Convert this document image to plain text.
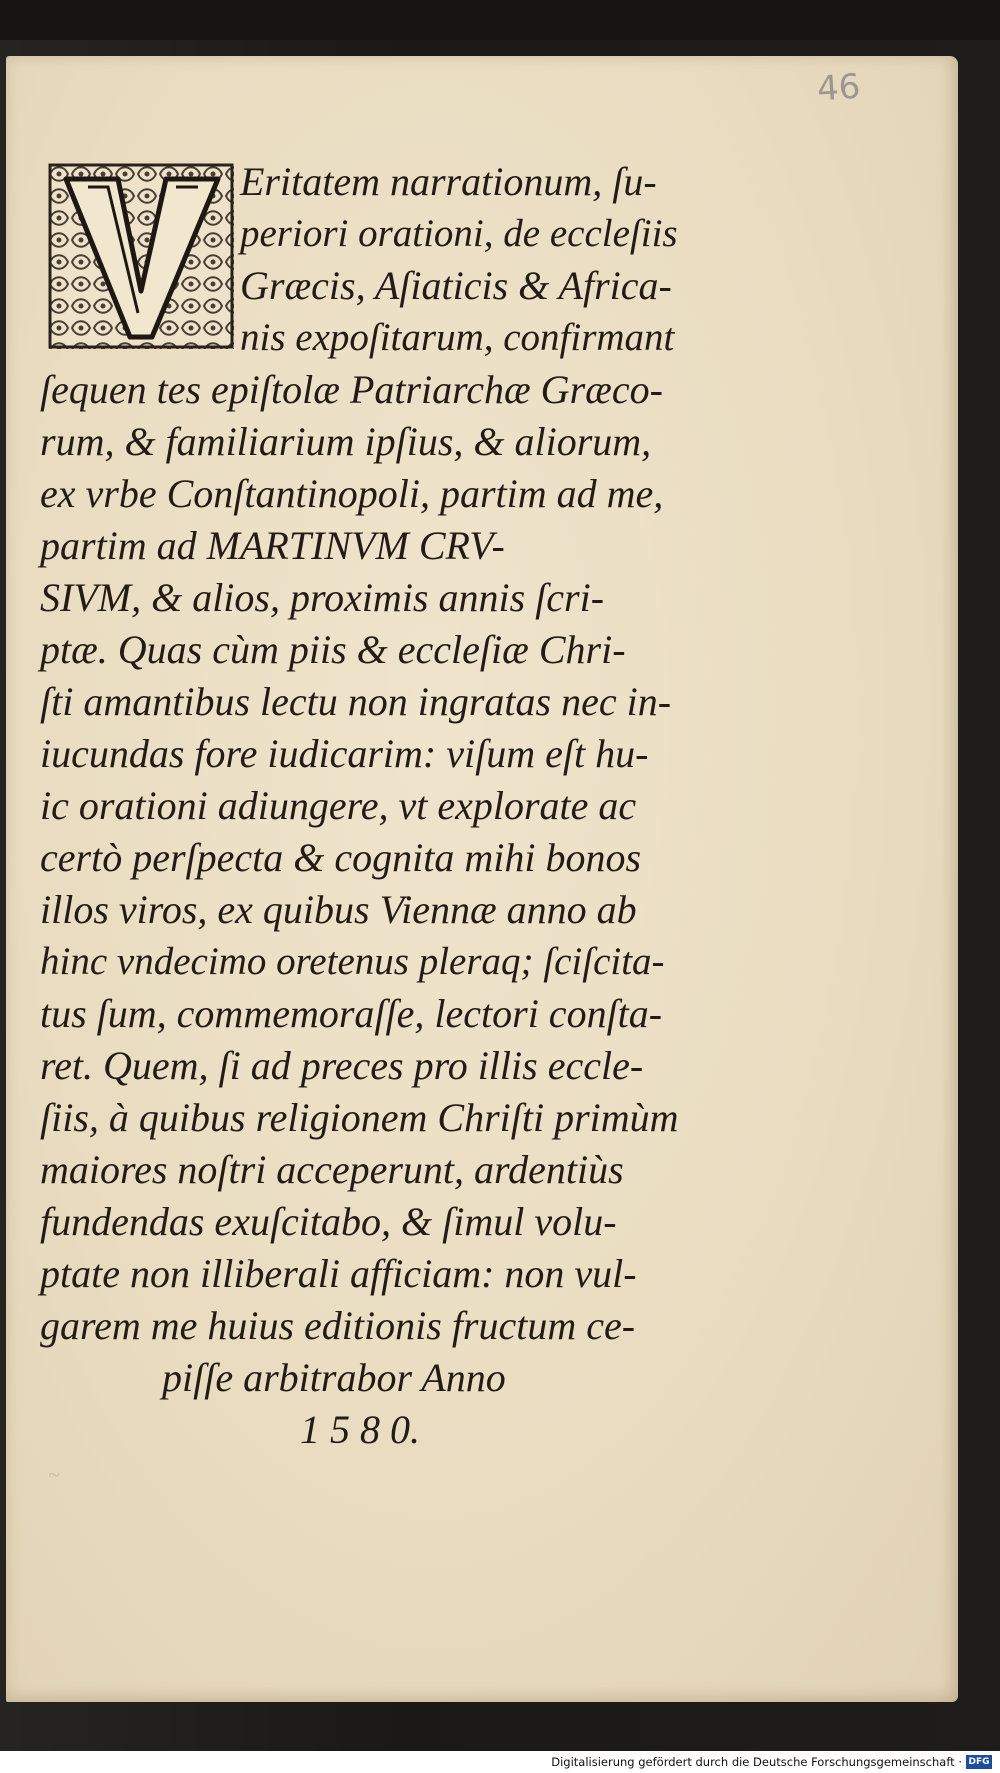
46
Eritatem narrationum, ſu-
periori orationi, de eccleſiis
Græcis, Aſiaticis & Africa-
nis expoſitarum, confirmant
ſequen tes epiſtolæ Patriarchæ Græco-
rum, & familiarium ipſius, & aliorum,
ex vrbe Conſtantinopoli, partim ad me,
partim ad MARTINVM CRV-
SIVM, & alios, proximis annis ſcri-
ptæ. Quas cùm piis & eccleſiæ Chri-
ſti amantibus lectu non ingratas nec in-
iucundas fore iudicarim: viſum eſt hu-
ic orationi adiungere, vt explorate ac
certò perſpecta & cognita mihi bonos
illos viros, ex quibus Viennæ anno ab
hinc vndecimo oretenus pleraq; ſciſcita-
tus ſum, commemoraſſe, lectori conſta-
ret. Quem, ſi ad preces pro illis eccle-
ſiis, à quibus religionem Chriſti primùm
maiores noſtri acceperunt, ardentiùs
fundendas exuſcitabo, & ſimul volu-
ptate non illiberali afficiam: non vul-
garem me huius editionis fructum ce-
piſſe arbitrabor Anno
1 5 8 0.
~
Digitalisierung gefördert durch die Deutsche Forschungsgemeinschaft · DFG
